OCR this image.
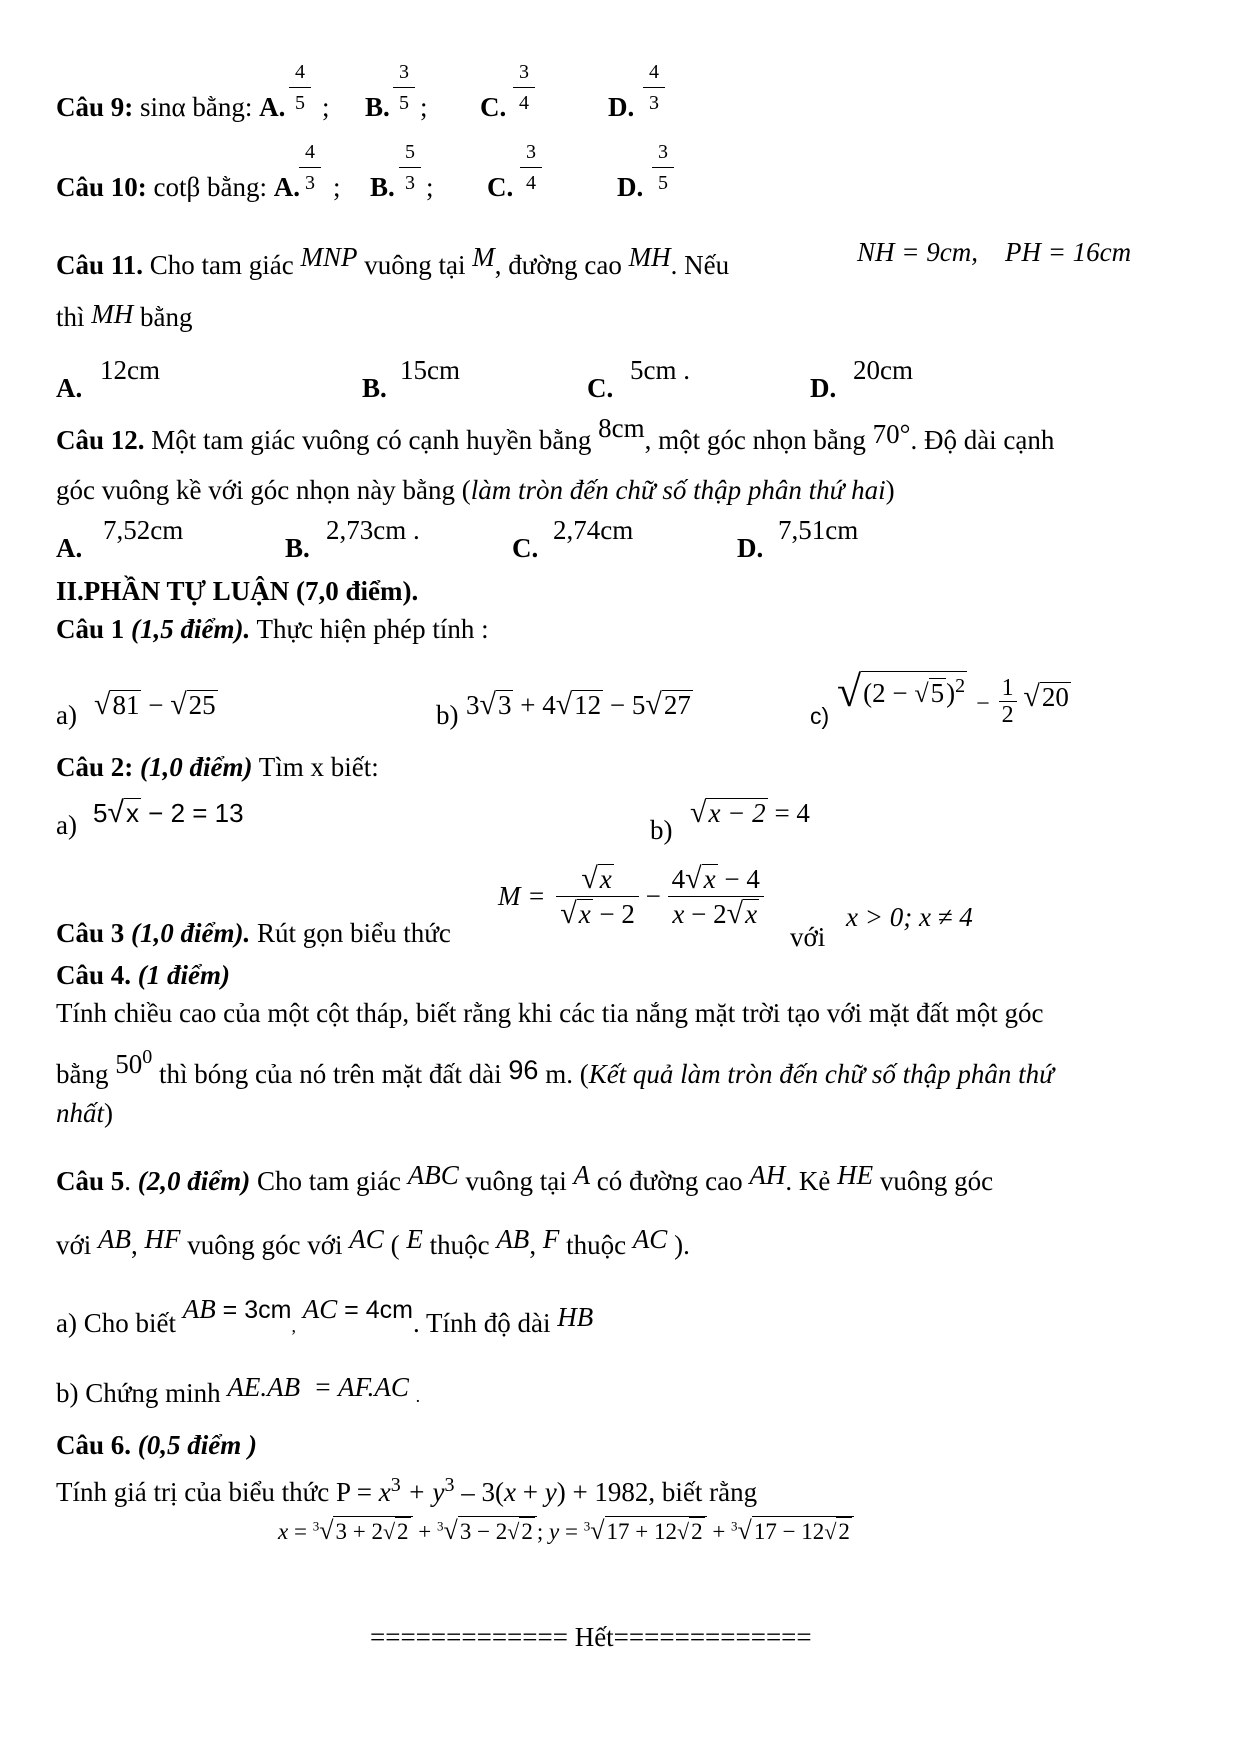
Câu 9: sinα bằng: A.
4
5 ; B.
3
5 ; C.
3
4	D.
4
3
Câu 10: cotβ bằng: A.
4
3 ; B.
5
3 ; C.
3
4	D.
3
5
Câu 11. Cho tam giác MNP vuông tại M, đường cao MH. Nếu	NH = 9cm,    PH = 16cm
thì MH bằng
A.
12cm
B.
15cm
C.
5cm .
D.
20cm
Câu 12. Một tam giác vuông có cạnh huyền bằng 8cm, một góc nhọn bằng 70°. Độ dài cạnh
góc vuông kề với góc nhọn này bằng (làm tròn đến chữ số thập phân thứ hai)
A.
7,52cm
B.
2,73cm .
C.
2,74cm
D.
7,51cm
II.PHẦN TỰ LUẬN (7,0 điểm).
Câu 1 (1,5 điểm). Thực hiện phép tính :
a) √81 − √25	b) 3√3 + 4√12 − 5√27	c) $√(2 - √5)^2 - \frac{1}{2} √20$
Câu 2: (1,0 điểm) Tìm x biết:
a) 5√x − 2 = 13
b)
√x − 2 = 4
Câu 3 (1,0 điểm). Rút gọn biểu thức
$M = \frac{√x}{√x - 2} - \frac{4√x - 4}{x - 2√x}$
với
x > 0; x ≠ 4
Câu 4. (1 điểm)
Tính chiều cao của một cột tháp, biết rằng khi các tia nắng mặt trời tạo với mặt đất một góc
bằng $50^0$ thì bóng của nó trên mặt đất dài 96 m. (Kết quả làm tròn đến chữ số thập phân thứ
nhất)
Câu 5. (2,0 điểm) Cho tam giác ABC vuông tại A có đường cao AH. Kẻ HE vuông góc
với AB, HF vuông góc với AC ( E thuộc AB, F thuộc AC ).
a) Cho biết AB = 3cm, AC = 4cm. Tính độ dài HB
b) Chứng minh AE.AB  = AF.AC .
Câu 6. (0,5 điểm )
Tính giá trị của biểu thức $P = x^3 + y^3 - 3(x + y) + 1982$, biết rằng
x = $^3$√3 + 2√2 + $^3$√3 − 2√2 ; y = $^3$√17 + 12√2 + $^3$√17 − 12√2
============= Hết=============
